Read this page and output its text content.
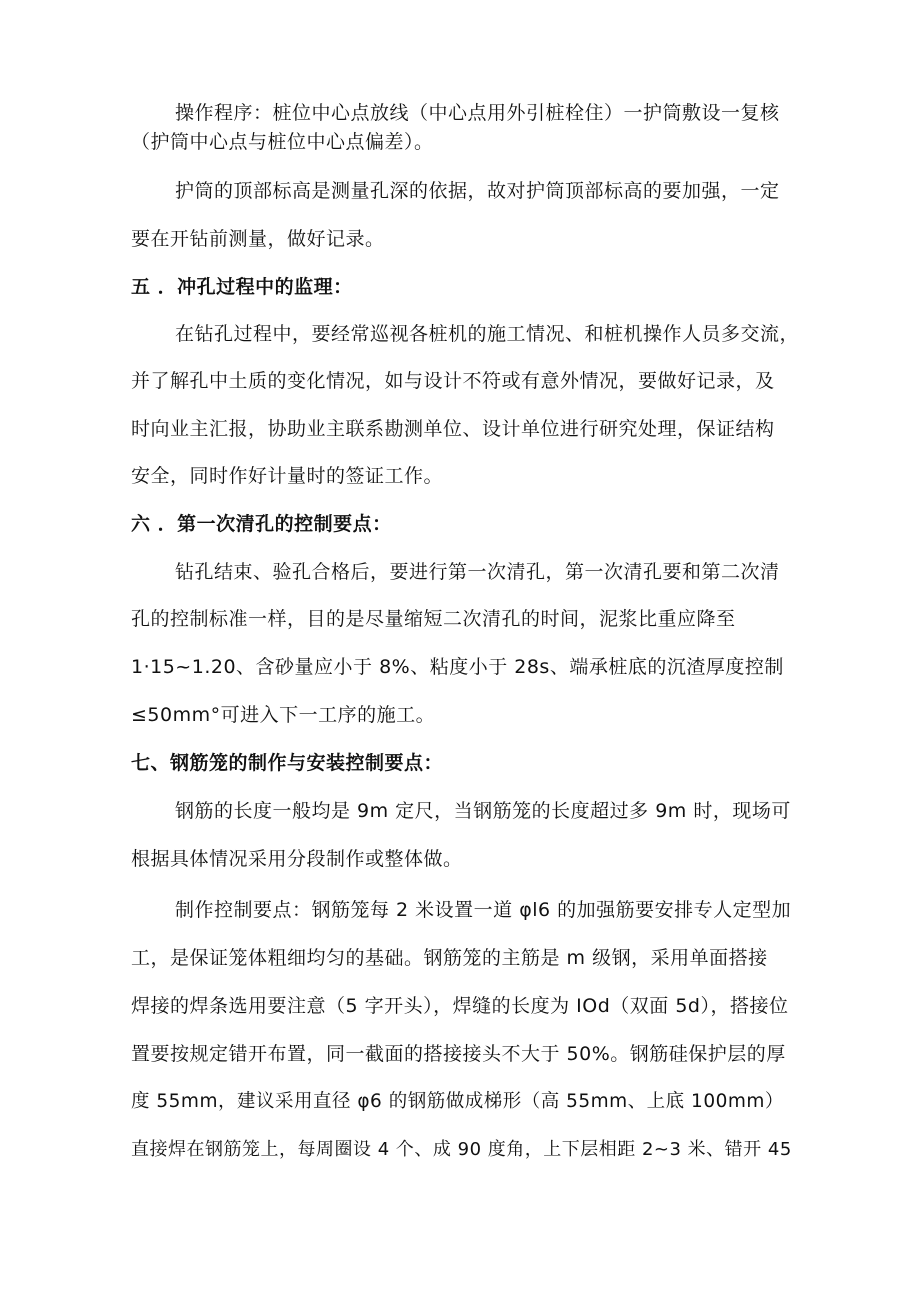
操作程序：桩位中心点放线（中心点用外引桩栓住）一护筒敷设一复核
（护筒中心点与桩位中心点偏差）。
护筒的顶部标高是测量孔深的依据，故对护筒顶部标高的要加强，一定
要在开钻前测量，做好记录。
五 ．冲孔过程中的监理：
在钻孔过程中，要经常巡视各桩机的施工情况、和桩机操作人员多交流，
并了解孔中土质的变化情况，如与设计不符或有意外情况，要做好记录，及
时向业主汇报，协助业主联系勘测单位、设计单位进行研究处理，保证结构
安全，同时作好计量时的签证工作。
六 ．第一次清孔的控制要点：
钻孔结束、验孔合格后，要进行第一次清孔，第一次清孔要和第二次清
孔的控制标准一样，目的是尽量缩短二次清孔的时间，泥浆比重应降至
1·15~1.20、含砂量应小于 8%、粘度小于 28s、端承桩底的沉渣厚度控制
≤50mm°可进入下一工序的施工。
七、钢筋笼的制作与安装控制要点：
钢筋的长度一般均是 9m 定尺，当钢筋笼的长度超过多 9m 时，现场可
根据具体情况采用分段制作或整体做。
制作控制要点：钢筋笼每 2 米设置一道 φl6 的加强筋要安排专人定型加
工，是保证笼体粗细均匀的基础。钢筋笼的主筋是 m 级钢，采用单面搭接
焊接的焊条选用要注意（5 字开头），焊缝的长度为 IOd（双面 5d），搭接位
置要按规定错开布置，同一截面的搭接接头不大于 50%。钢筋硅保护层的厚
度 55mm，建议采用直径 φ6 的钢筋做成梯形（高 55mm、上底 100mm）
直接焊在钢筋笼上，每周圈设 4 个、成 90 度角，上下层相距 2~3 米、错开 45
